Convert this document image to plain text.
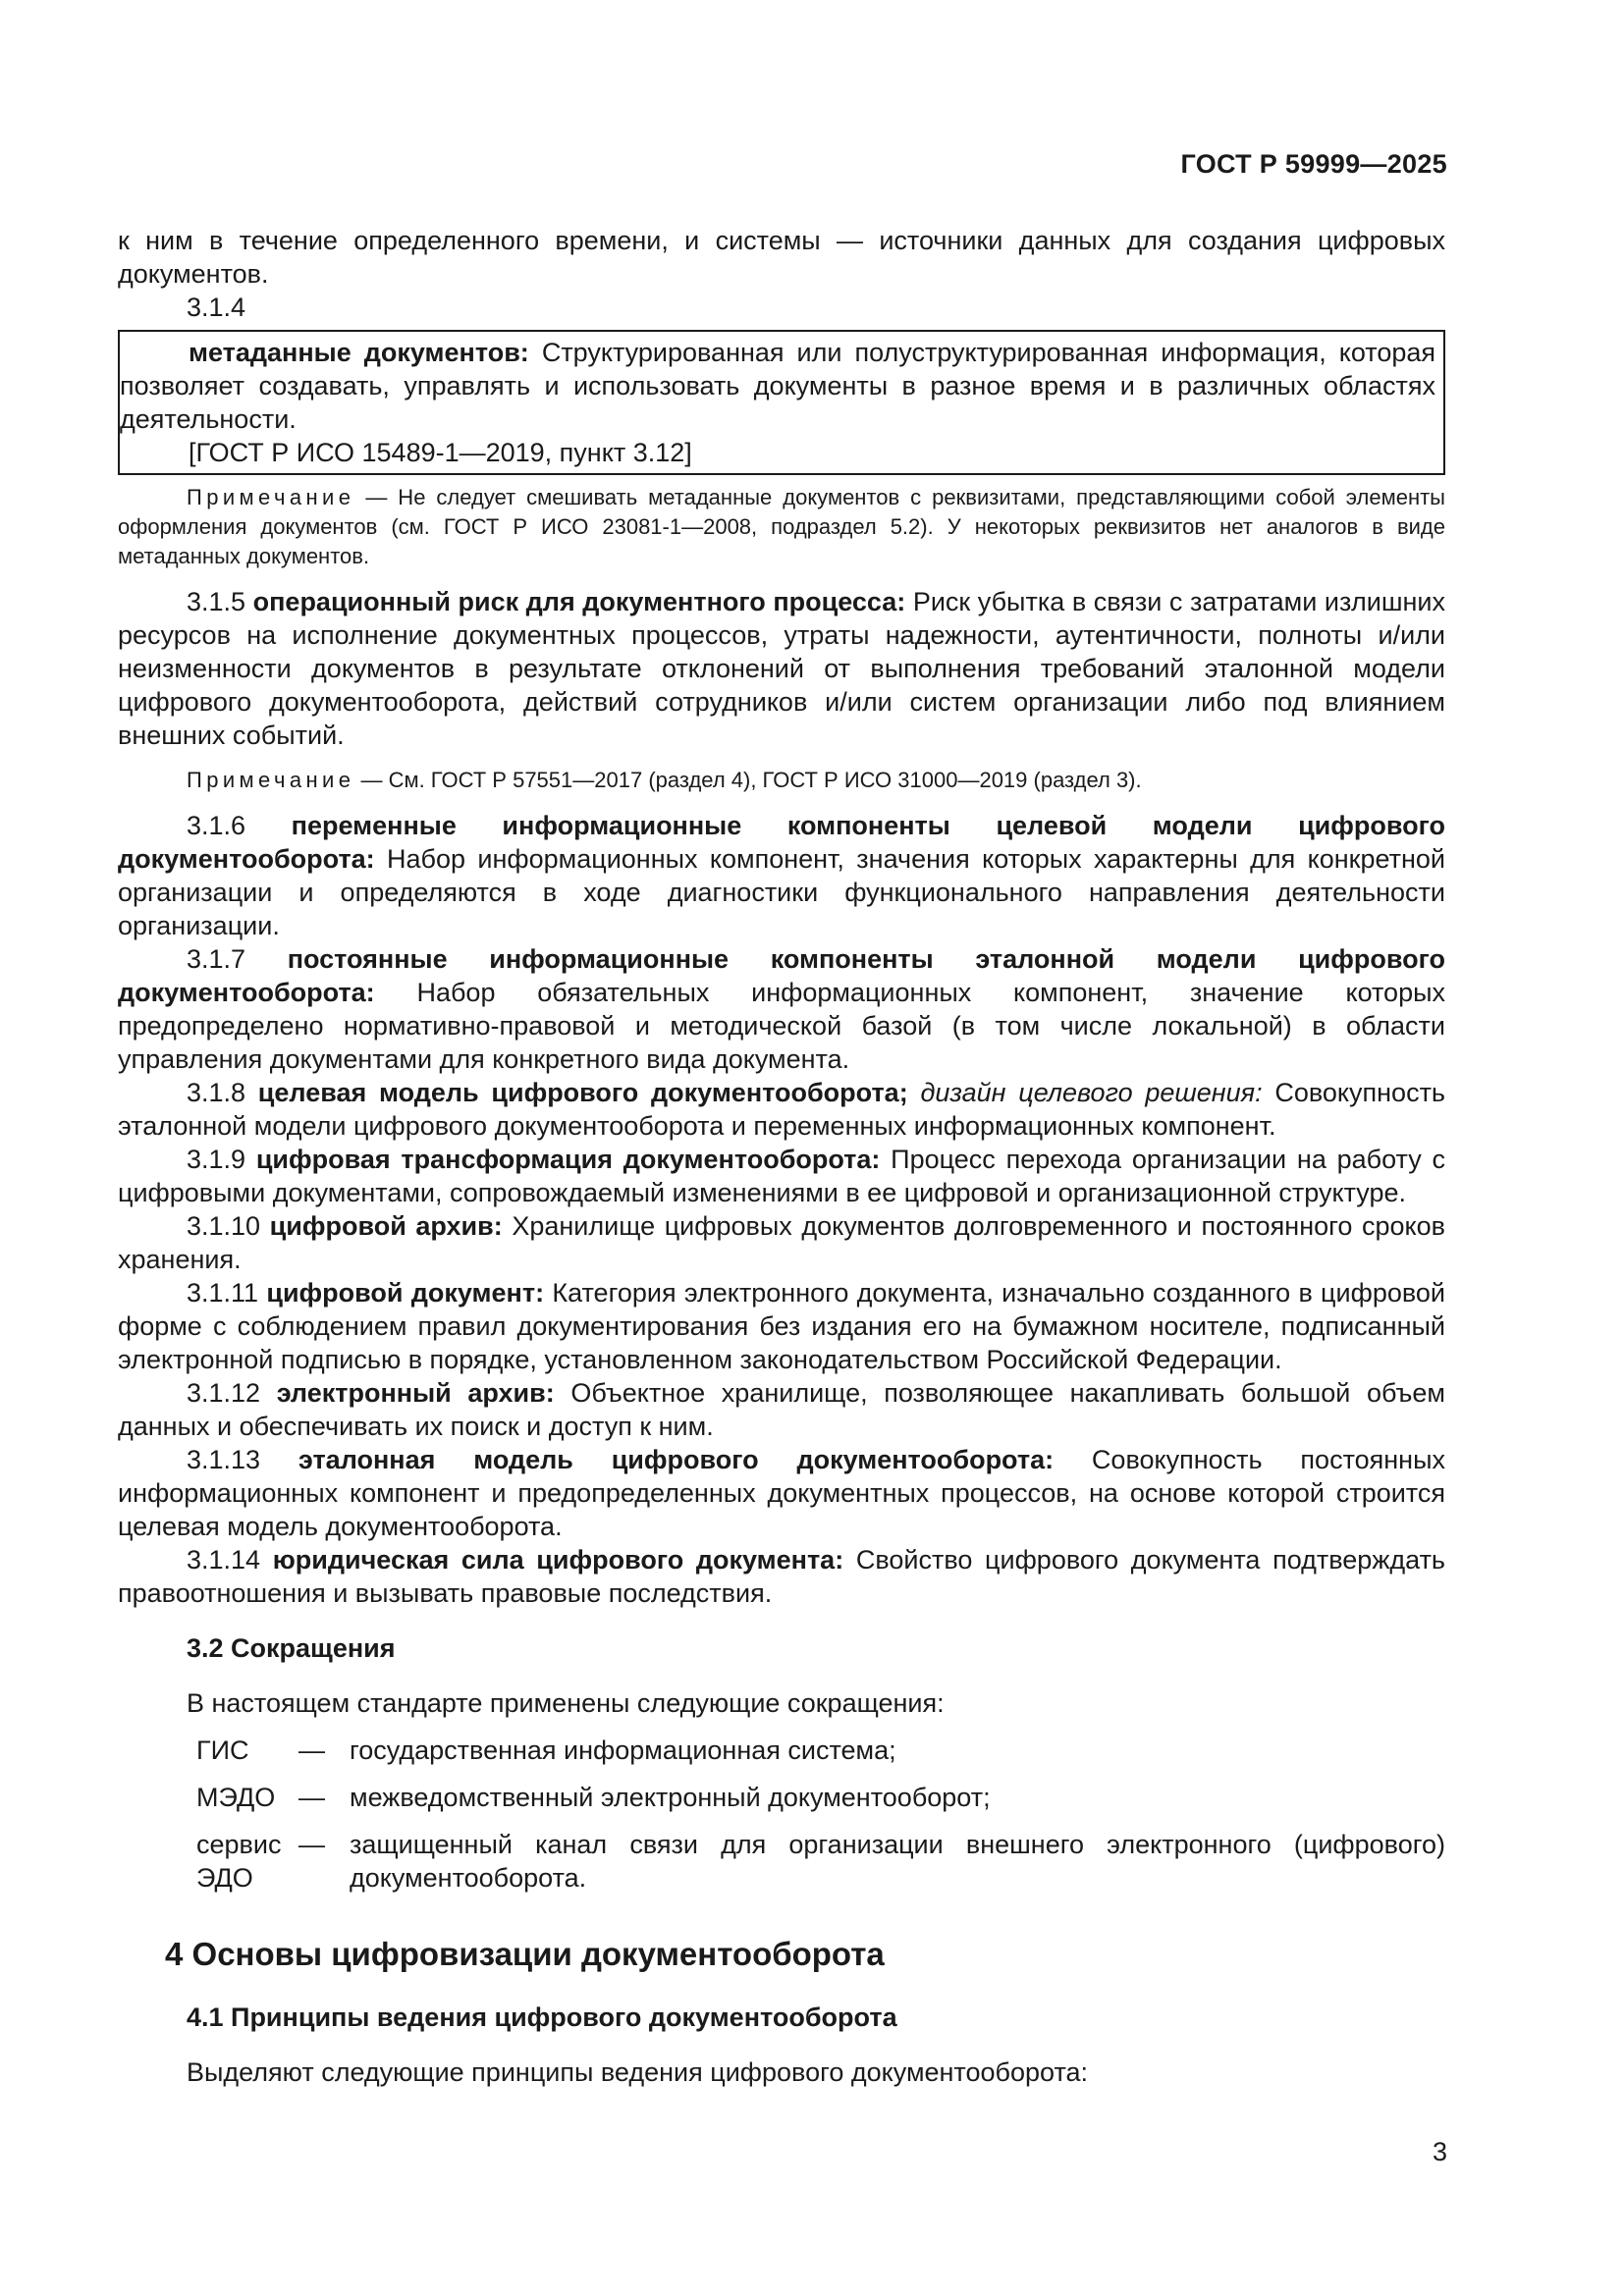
ГОСТ Р 59999—2025

к ним в течение определенного времени, и системы — источники данных для создания цифровых документов.

3.1.4

метаданные документов: Структурированная или полуструктурированная информация, которая позволяет создавать, управлять и использовать документы в разное время и в различных областях деятельности.

[ГОСТ Р ИСО 15489-1—2019, пункт 3.12]

Примечание — Не следует смешивать метаданные документов с реквизитами, представляющими собой элементы оформления документов (см. ГОСТ Р ИСО 23081-1—2008, подраздел 5.2). У некоторых реквизитов нет аналогов в виде метаданных документов.

3.1.5 операционный риск для документного процесса: Риск убытка в связи с затратами излишних ресурсов на исполнение документных процессов, утраты надежности, аутентичности, полноты и/или неизменности документов в результате отклонений от выполнения требований эталонной модели цифрового документооборота, действий сотрудников и/или систем организации либо под влиянием внешних событий.

Примечание — См. ГОСТ Р 57551—2017 (раздел 4), ГОСТ Р ИСО 31000—2019 (раздел 3).

3.1.6 переменные информационные компоненты целевой модели цифрового документооборота: Набор информационных компонент, значения которых характерны для конкретной организации и определяются в ходе диагностики функционального направления деятельности организации.

3.1.7 постоянные информационные компоненты эталонной модели цифрового документооборота: Набор обязательных информационных компонент, значение которых предопределено нормативно-правовой и методической базой (в том числе локальной) в области управления документами для конкретного вида документа.

3.1.8 целевая модель цифрового документооборота; дизайн целевого решения: Совокупность эталонной модели цифрового документооборота и переменных информационных компонент.

3.1.9 цифровая трансформация документооборота: Процесс перехода организации на работу с цифровыми документами, сопровождаемый изменениями в ее цифровой и организационной структуре.

3.1.10 цифровой архив: Хранилище цифровых документов долговременного и постоянного сроков хранения.

3.1.11 цифровой документ: Категория электронного документа, изначально созданного в цифровой форме с соблюдением правил документирования без издания его на бумажном носителе, подписанный электронной подписью в порядке, установленном законодательством Российской Федерации.

3.1.12 электронный архив: Объектное хранилище, позволяющее накапливать большой объем данных и обеспечивать их поиск и доступ к ним.

3.1.13 эталонная модель цифрового документооборота: Совокупность постоянных информационных компонент и предопределенных документных процессов, на основе которой строится целевая модель документооборота.

3.1.14 юридическая сила цифрового документа: Свойство цифрового документа подтверждать правоотношения и вызывать правовые последствия.

3.2 Сокращения

В настоящем стандарте применены следующие сокращения:

ГИС	— государственная информационная система;
МЭДО — межведомственный электронный документооборот;
сервис ЭДО
— защищенный канал связи для организации внешнего электронного (цифрового) документооборота.

4 Основы цифровизации документооборота

4.1 Принципы ведения цифрового документооборота

Выделяют следующие принципы ведения цифрового документооборота:

3
